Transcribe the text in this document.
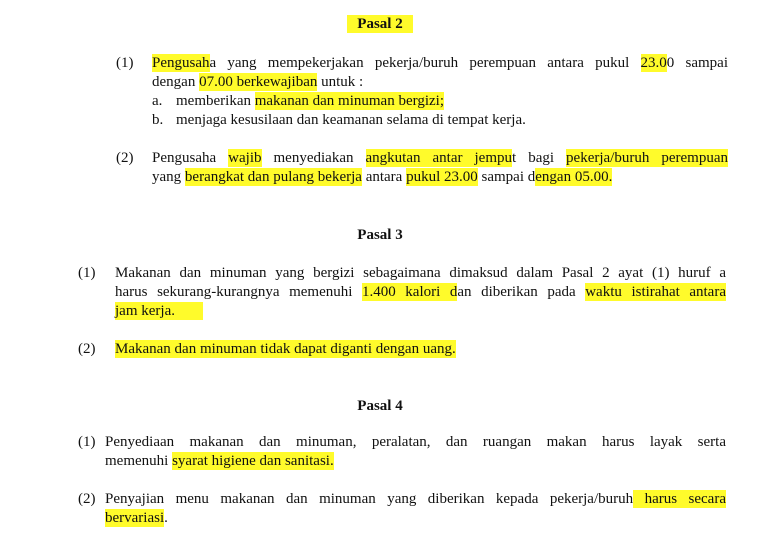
Pasal 2
(1)	Pengusaha yang mempekerjakan pekerja/buruh perempuan antara pukul 23.00 sampai
dengan 07.00 berkewajiban untuk :
a. memberikan makanan dan minuman bergizi;
b. menjaga kesusilaan dan keamanan selama di tempat kerja.
(2)	Pengusaha wajib menyediakan angkutan antar jemput bagi pekerja/buruh perempuan
yang berangkat dan pulang bekerja antara pukul 23.00 sampai dengan 05.00.
Pasal 3
(1)	Makanan dan minuman yang bergizi sebagaimana dimaksud dalam Pasal 2 ayat (1) huruf a
harus sekurang-kurangnya memenuhi 1.400 kalori dan diberikan pada waktu istirahat antara
jam kerja.
(2)	Makanan dan minuman tidak dapat diganti dengan uang.
Pasal 4
(1) Penyediaan makanan dan minuman, peralatan, dan ruangan makan harus layak serta
memenuhi syarat higiene dan sanitasi.
(2) Penyajian menu makanan dan minuman yang diberikan kepada pekerja/buruh harus secara
bervariasi.
